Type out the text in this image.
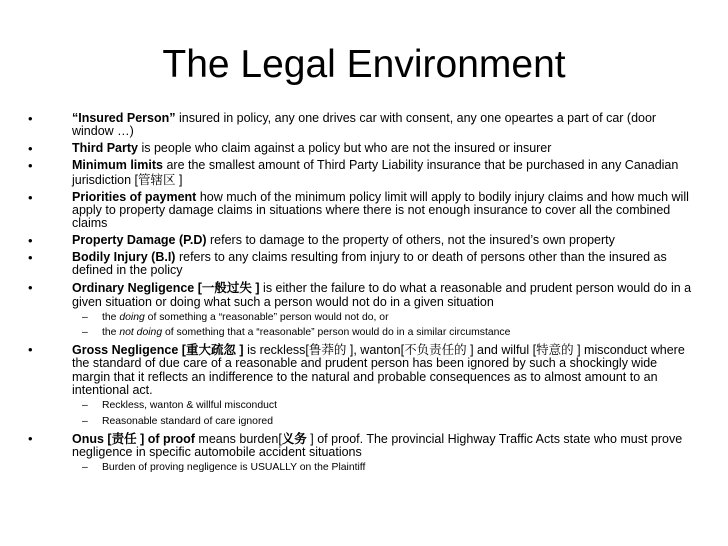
The Legal Environment
•	“Insured Person” insured in policy, any one drives car with consent, any one opeartes a part of car (door window …)
•	Third Party is people who claim against a policy but who are not the insured or insurer
•	Minimum limits are the smallest amount of Third Party Liability insurance that be purchased in any Canadian jurisdiction [管辖区 ]
•	Priorities of payment how much of the minimum policy limit will apply to bodily injury claims and how much will apply to property damage claims in situations where there is not enough insurance to cover all the combined claims
•	Property Damage (P.D) refers to damage to the property of others, not the insured’s own property
•	Bodily Injury (B.I) refers to any claims resulting from injury to or death of persons other than the insured as defined in the policy
•	Ordinary Negligence [一般过失 ] is either the failure to do what a reasonable and prudent person would do in a given situation or doing what such a person would not do in a given situation
– the doing of something a “reasonable” person would not do, or
– the not doing of something that a “reasonable” person would do in a similar circumstance
•	Gross Negligence [重大疏忽 ] is reckless[鲁莽的 ], wanton[不负责任的 ] and wilful [特意的 ] misconduct where the standard of due care of a reasonable and prudent person has been ignored by such a shockingly wide margin that it reflects an indifference to the natural and probable consequences as to almost amount to an intentional act.
– Reckless, wanton & willful misconduct
– Reasonable standard of care ignored
•	Onus [责任 ] of proof means burden[义务 ] of proof. The provincial Highway Traffic Acts state who must prove negligence in specific automobile accident situations
– Burden of proving negligence is USUALLY on the Plaintiff
